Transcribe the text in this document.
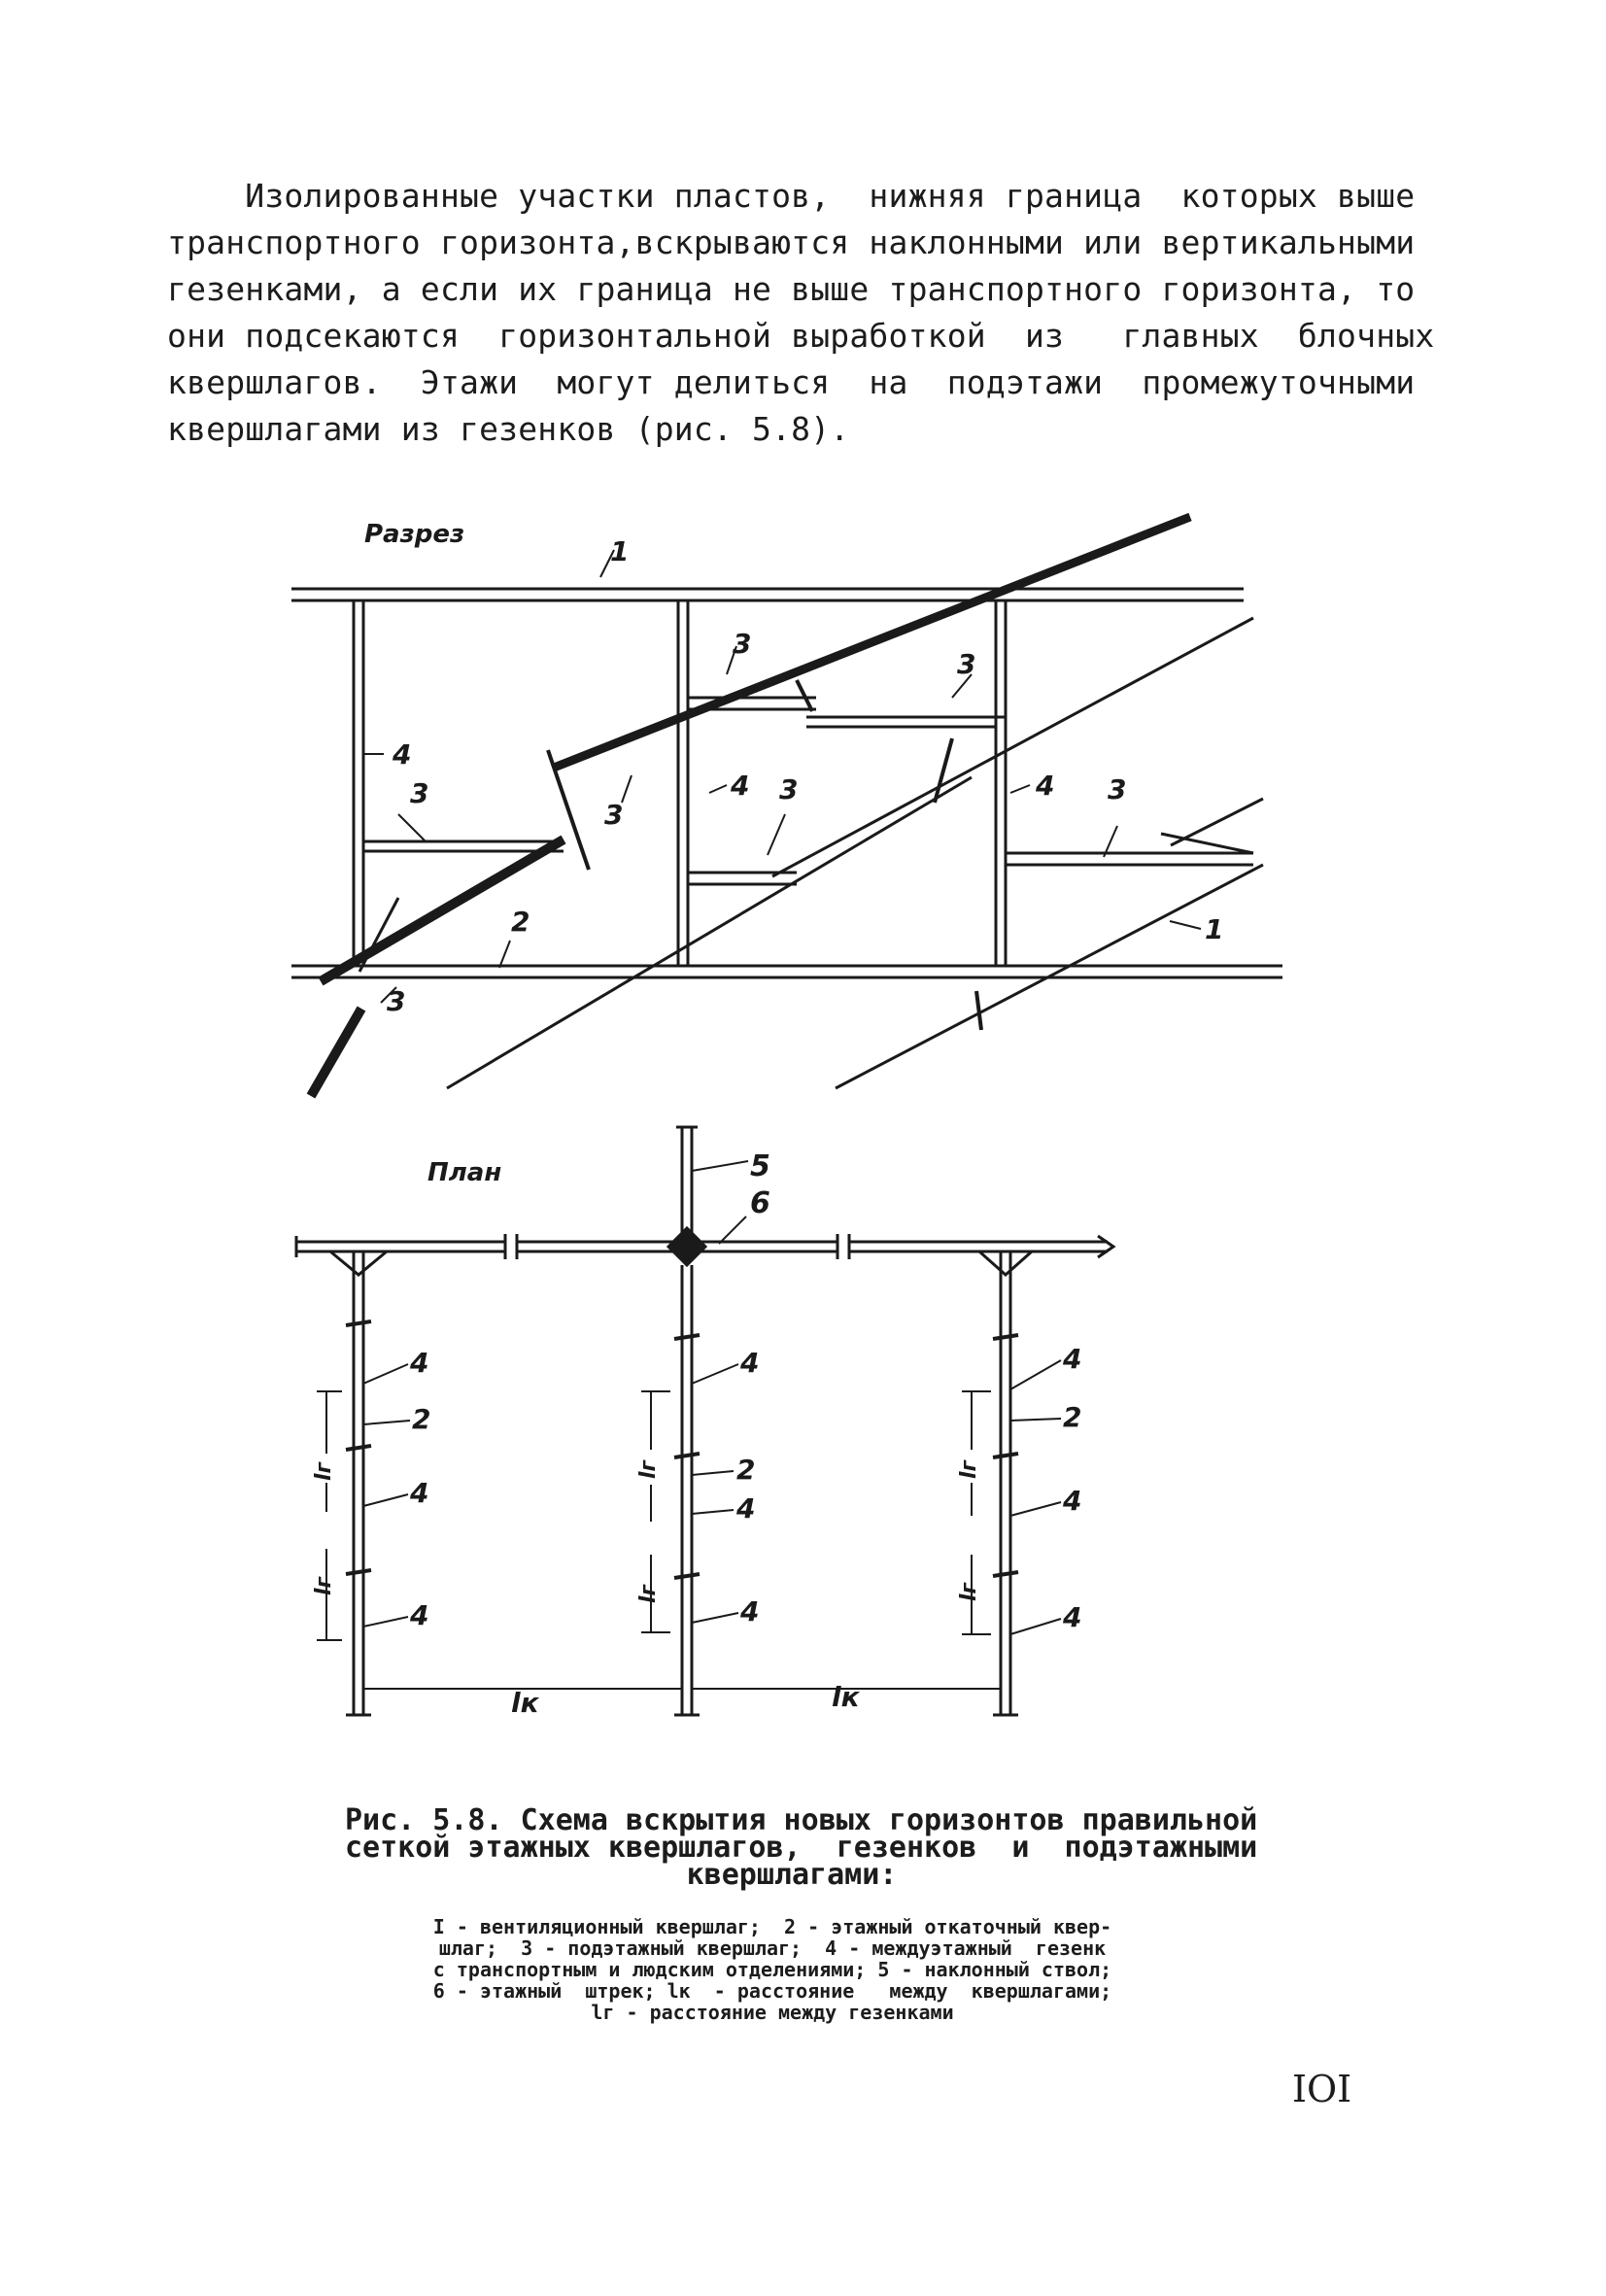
Изолированные участки пластов,  нижняя граница  которых выше
транспортного горизонта,вскрываются наклонными или вертикальными
гезенками, а если их граница не выше транспортного горизонта, то
они подсекаются  горизонтальной выработкой  из   главных  блочных
квершлагов.  Этажи  могут делиться  на  подэтажи  промежуточными
квершлагами из гезенков (рис. 5.8).
Разрез
1
3
3
4
3
3
4 3	4 3
1
2
3
План	5
6
4
2
4
4
4
2
4
4
4
2
4
4
lг
lг
lг
lг
lг
lг
lк	lк
Рис. 5.8. Схема вскрытия новых горизонтов правильной
сеткой этажных квершлагов,  гезенков  и  подэтажными
квершлагами:
I - вентиляционный квершлаг;  2 - этажный откаточный квер-
шлаг;  3 - подэтажный квершлаг;  4 - междуэтажный  гезенк
с транспортным и людским отделениями; 5 - наклонный ствол;
6 - этажный  штрек; lк  - расстояние   между  квершлагами;
lг - расстояние между гезенками
IOI
